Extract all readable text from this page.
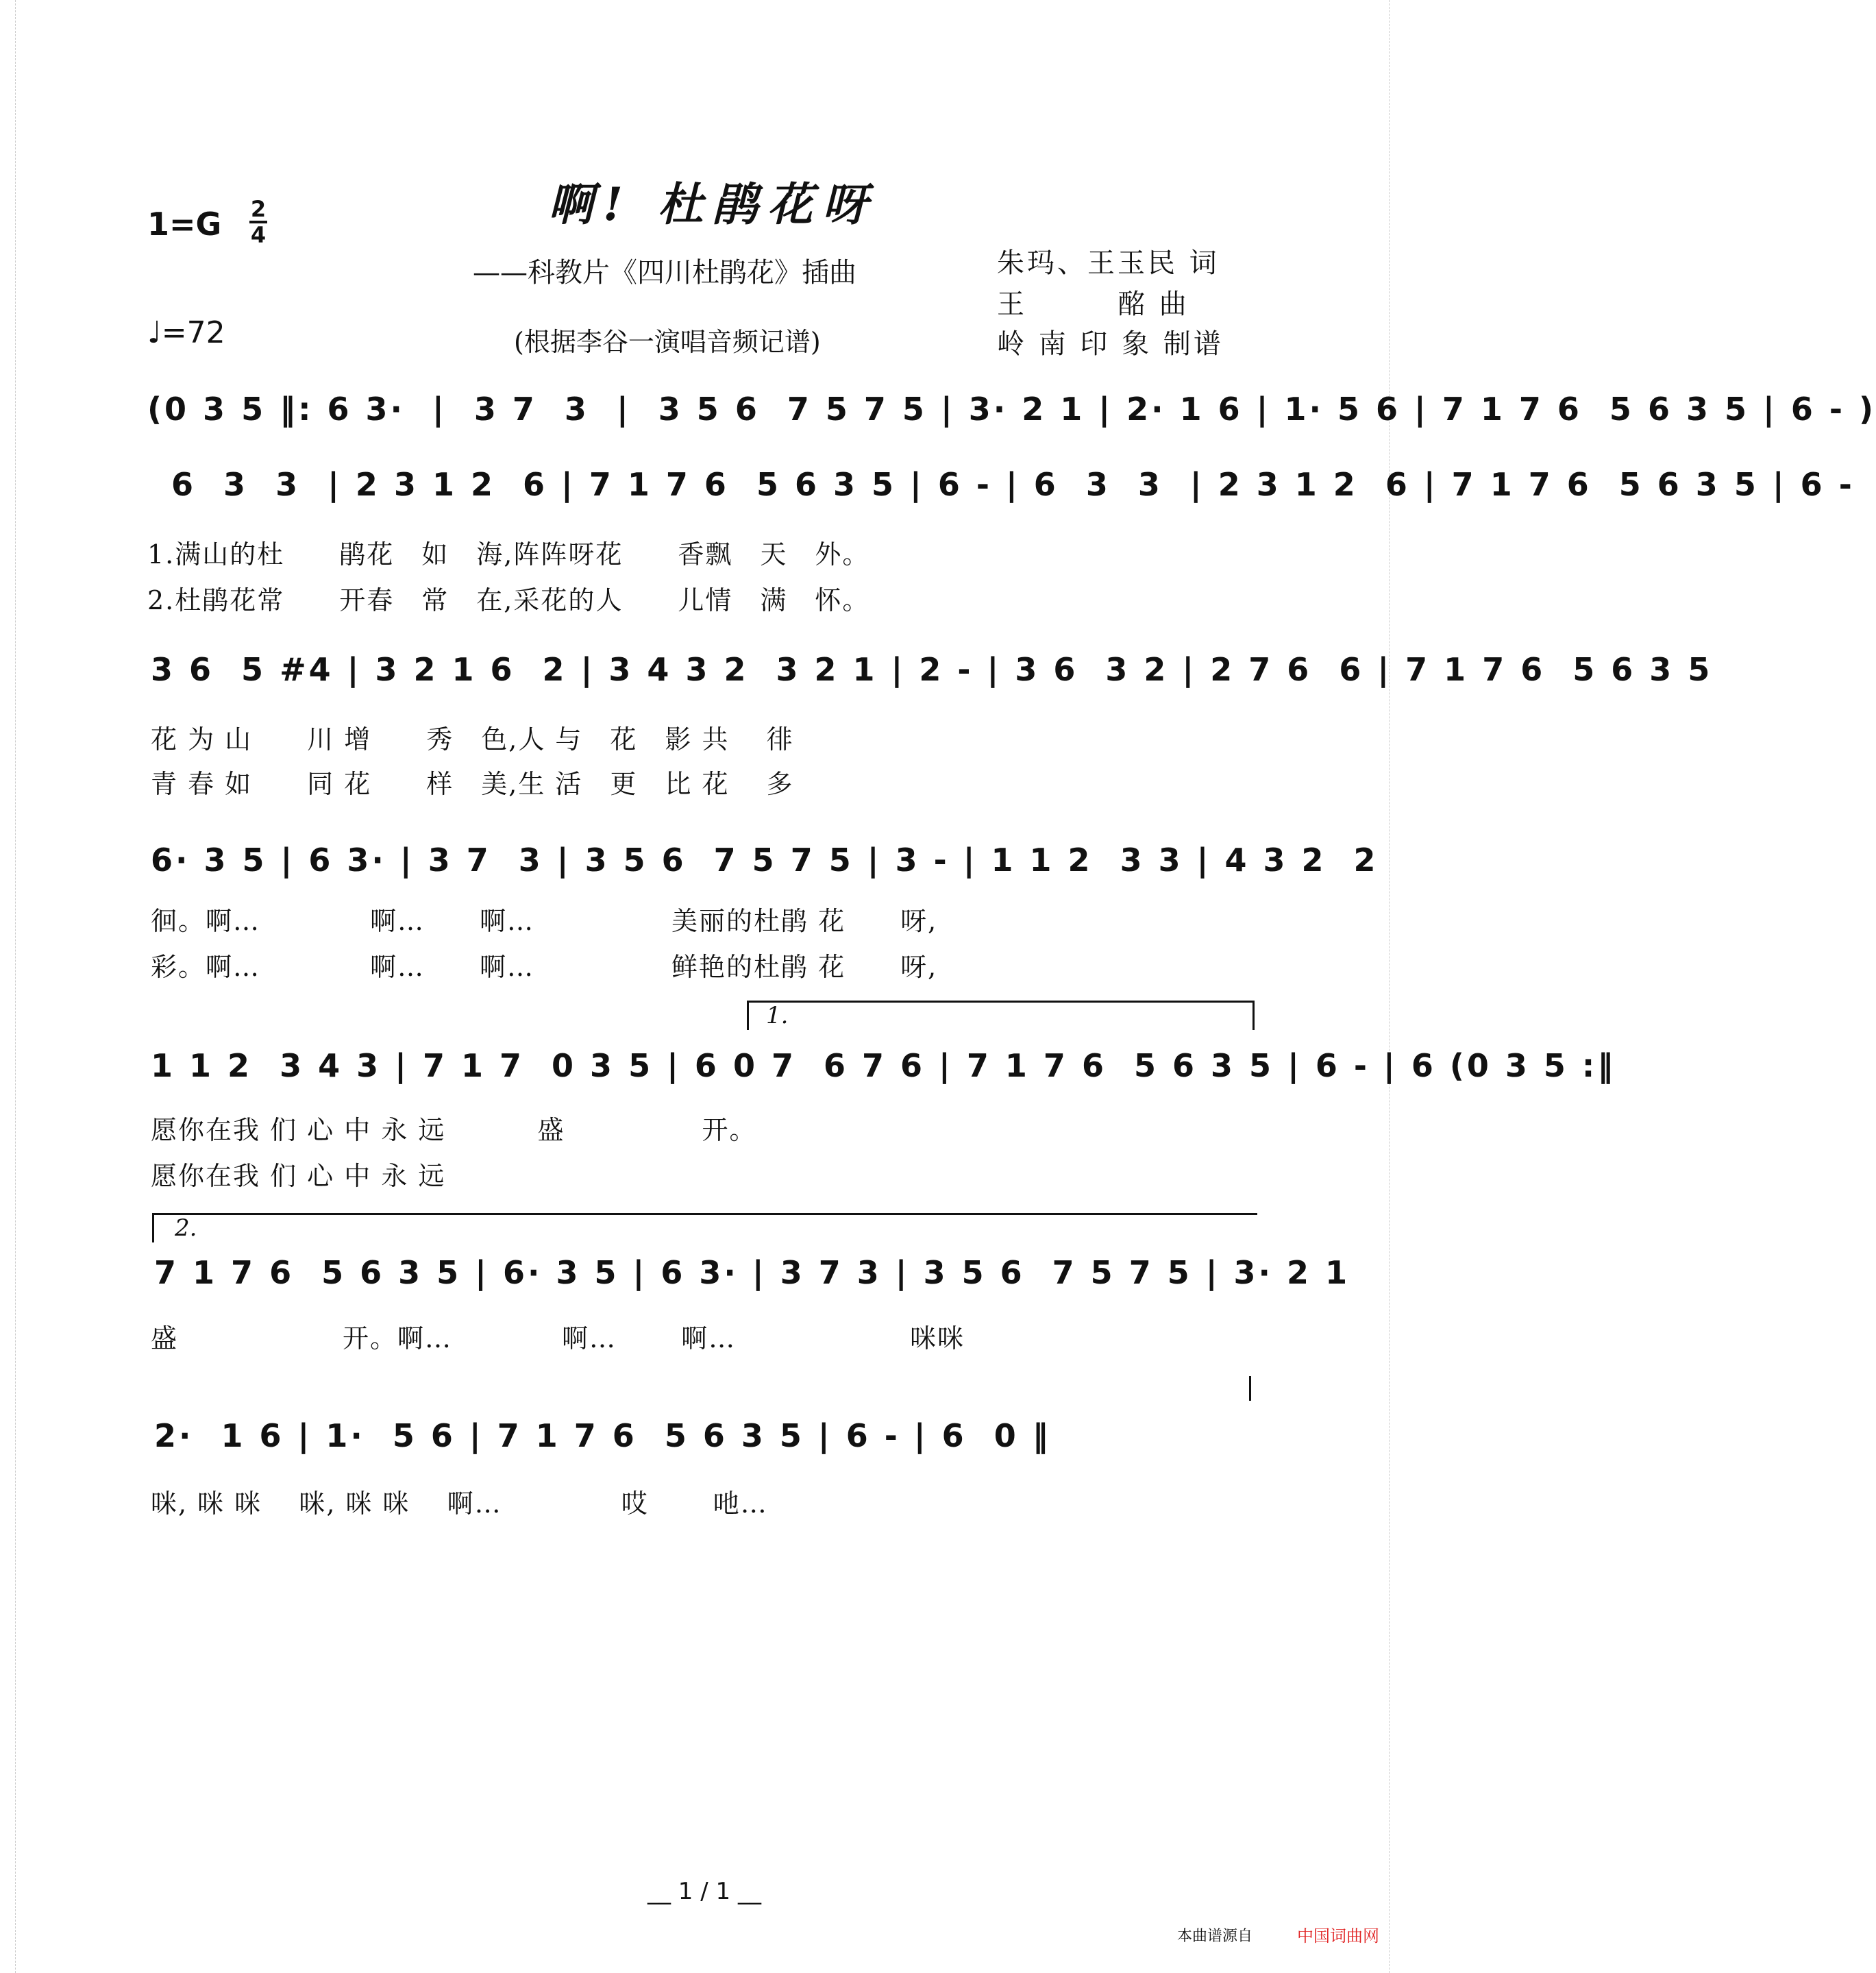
1=G 2
4
♩=72
啊! 杜鹃花呀
——科教片《四川杜鹃花》插曲
(根据李谷一演唱音频记谱)
朱玛、王玉民 词
王　　　酩 曲
岭 南 印 象 制谱
(0 3 5 ‖: 6 3·  |  3 7  3  |  3 5 6  7 5 7 5 | 3· 2 1 | 2· 1 6 | 1· 5 6 | 7 1 7 6  5 6 3 5 | 6 - )
6  3  3  | 2 3 1 2  6 | 7 1 7 6  5 6 3 5 | 6 - | 6  3  3  | 2 3 1 2  6 | 7 1 7 6  5 6 3 5 | 6 -
1.满山的杜　　鹃花　如　海,阵阵呀花　　香飘　天　外。
2.杜鹃花常　　开春　常　在,采花的人　　儿情　满　怀。
3 6  5 #4 | 3 2 1 6  2 | 3 4 3 2  3 2 1 | 2 - | 3 6  3 2 | 2 7 6  6 | 7 1 7 6  5 6 3 5
花 为 山　　川 增　　秀　色,人 与　花　影 共　 徘
青 春 如　　同 花　　样　美,生 活　更　比 花　 多
6· 3 5 | 6 3· | 3 7  3 | 3 5 6  7 5 7 5 | 3 - | 1 1 2  3 3 | 4 3 2  2
徊。啊…　　　　啊…　　啊…　　　　　美丽的杜鹃 花　　呀,
彩。啊…　　　　啊…　　啊…　　　　　鲜艳的杜鹃 花　　呀,
1.
1 1 2  3 4 3 | 7 1 7  0 3 5 | 6 0 7  6 7 6 | 7 1 7 6  5 6 3 5 | 6 - | 6 (0 3 5 :‖
愿你在我 们 心 中 永 远　　　 盛　　　　　开。
愿你在我 们 心 中 永 远
2.
7 1 7 6  5 6 3 5 | 6· 3 5 | 6 3· | 3 7 3 | 3 5 6  7 5 7 5 | 3· 2 1
盛　　　　　　开。啊…　　　　啊…　　 啊…　　　　　　 咪咪
2·  1 6 | 1·  5 6 | 7 1 7 6  5 6 3 5 | 6 - | 6  0 ‖
咪, 咪 咪　 咪, 咪 咪　 啊…　　　　 哎　　 吔…
__ 1 / 1 __
本曲谱源自	中国词曲网
